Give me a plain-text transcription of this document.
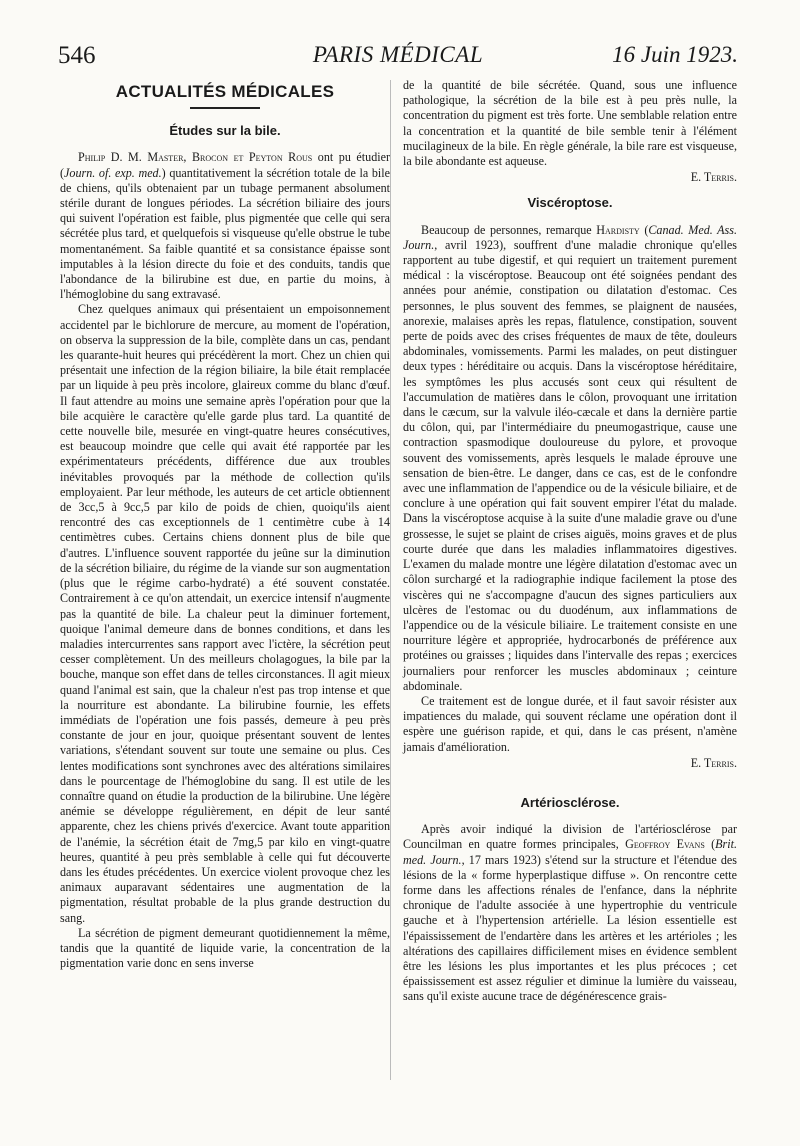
546	PARIS MÉDICAL	16 Juin 1923.
ACTUALITÉS MÉDICALES
Études sur la bile.

Philip D. M. Master, Brocon et Peyton Rous ont pu étudier (Journ. of. exp. med.) quantitativement la sécrétion totale de la bile de chiens, qu'ils obtenaient par un tubage permanent absolument stérile durant de longues périodes. La sécrétion biliaire des jours qui suivent l'opération est faible, plus pigmentée que celle qui sera sécrétée plus tard, et quelquefois si visqueuse qu'elle obstrue le tube momentanément. Sa faible quantité et sa consistance épaisse sont imputables à la lésion directe du foie et des conduits, tandis que l'abondance de la bilirubine est due, en partie du moins, à l'hémoglobine du sang extravasé.

Chez quelques animaux qui présentaient un empoisonnement accidentel par le bichlorure de mercure, au moment de l'opération, on observa la suppression de la bile, complète dans un cas, pendant les quarante-huit heures qui précédèrent la mort. Chez un chien qui présentait une infection de la région biliaire, la bile était remplacée par un liquide à peu près incolore, glaireux comme du blanc d'œuf. Il faut attendre au moins une semaine après l'opération pour que la bile acquière le caractère qu'elle garde plus tard. La quantité de cette nouvelle bile, mesurée en vingt-quatre heures consécutives, est beaucoup moindre que celle qui avait été rapportée par les expérimentateurs précédents, différence due aux troubles inévitables provoqués par la méthode de collection qu'ils employaient. Par leur méthode, les auteurs de cet article obtiennent de 3cc,5 à 9cc,5 par kilo de poids de chien, quoiqu'ils aient rencontré des cas exceptionnels de 1 centimètre cube à 14 centimètres cubes. Certains chiens donnent plus de bile que d'autres. L'influence souvent rapportée du jeûne sur la diminution de la sécrétion biliaire, du régime de la viande sur son augmentation (plus que le régime carbo-hydraté) a été souvent constatée. Contrairement à ce qu'on attendait, un exercice intensif n'augmente pas la quantité de bile. La chaleur peut la diminuer fortement, quoique l'animal demeure dans de bonnes conditions, et dans les maladies intercurrentes sans rapport avec l'ictère, la sécrétion peut cesser complètement. Un des meilleurs cholagogues, la bile par la bouche, manque son effet dans de telles circonstances. Il agit mieux quand l'animal est sain, que la chaleur n'est pas trop intense et que la nourriture est abondante. La bilirubine fournie, les effets immédiats de l'opération une fois passés, demeure à peu près constante de jour en jour, quoique présentant souvent de lentes variations, s'étendant souvent sur toute une semaine ou plus. Ces lentes modifications sont synchrones avec des altérations similaires dans le pourcentage de l'hémoglobine du sang. Il est utile de les connaître quand on étudie la production de la bilirubine. Une légère anémie se développe régulièrement, en dépit de leur santé apparente, chez les chiens privés d'exercice. Avant toute apparition de l'anémie, la sécrétion était de 7mg,5 par kilo en vingt-quatre heures, quantité à peu près semblable à celle qui fut découverte dans les études précédentes. Un exercice violent provoque chez les animaux auparavant sédentaires une augmentation de la pigmentation, résultat probable de la plus grande destruction du sang.

La sécrétion de pigment demeurant quotidiennement la même, tandis que la quantité de liquide varie, la concentration de la pigmentation varie donc en sens inverse

de la quantité de bile sécrétée. Quand, sous une influence pathologique, la sécrétion de la bile est à peu près nulle, la concentration du pigment est très forte. Une semblable relation entre la concentration et la quantité de bile semble tenir à l'élément mucilagineux de la bile. En règle générale, la bile rare est visqueuse, la bile abondante est aqueuse.

E. Terris.
Viscéroptose.

Beaucoup de personnes, remarque Hardisty (Canad. Med. Ass. Journ., avril 1923), souffrent d'une maladie chronique qu'elles rapportent au tube digestif, et qui requiert un traitement purement médical : la viscéroptose. Beaucoup ont été soignées pendant des années pour anémie, constipation ou dilatation d'estomac. Ces personnes, le plus souvent des femmes, se plaignent de nausées, anorexie, malaises après les repas, flatulence, constipation, souvent perte de poids avec des crises fréquentes de maux de tête, douleurs abdominales, vomissements. Parmi les malades, on peut distinguer deux types : héréditaire ou acquis. Dans la viscéroptose héréditaire, les symptômes les plus accusés sont ceux qui résultent de l'accumulation de matières dans le côlon, provoquant une irritation dans le cæcum, sur la valvule iléo-cæcale et dans la dernière partie du côlon, qui, par l'intermédiaire du pneumogastrique, cause une contraction spasmodique douloureuse du pylore, et provoque souvent des vomissements, après lesquels le malade éprouve une sensation de bien-être. Le danger, dans ce cas, est de le confondre avec une inflammation de l'appendice ou de la vésicule biliaire, et de conclure à une opération qui fait souvent empirer l'état du malade. Dans la viscéroptose acquise à la suite d'une maladie grave ou d'une grossesse, le sujet se plaint de crises aiguës, moins graves et de plus courte durée que dans les maladies inflammatoires digestives. L'examen du malade montre une légère dilatation d'estomac avec un côlon surchargé et la radiographie indique facilement la ptose des viscères qui ne s'accompagne d'aucun des signes particuliers aux ulcères de l'estomac ou du duodénum, aux inflammations de l'appendice ou de la vésicule biliaire. Le traitement consiste en une nourriture légère et appropriée, hydrocarbonés de préférence aux protéines ou graisses ; liquides dans l'intervalle des repas ; exercices journaliers pour renforcer les muscles abdominaux ; ceinture abdominale.

Ce traitement est de longue durée, et il faut savoir résister aux impatiences du malade, qui souvent réclame une opération dont il espère une guérison rapide, et qui, dans le cas présent, n'amène jamais d'amélioration.

E. Terris.
Artériosclérose.

Après avoir indiqué la division de l'artériosclérose par Councilman en quatre formes principales, Geoffroy Evans (Brit. med. Journ., 17 mars 1923) s'étend sur la structure et l'étendue des lésions de la « forme hyperplastique diffuse ». On rencontre cette forme dans les affections rénales de l'enfance, dans la néphrite chronique de l'adulte associée à une hypertrophie du ventricule gauche et à l'hypertension artérielle. La lésion essentielle est l'épaississement de l'endartère dans les artères et les artérioles ; les altérations des capillaires difficilement mises en évidence semblent être les lésions les plus importantes et les plus précoces ; cet épaississement est assez régulier et diminue la lumière du vaisseau, sans qu'il existe aucune trace de dégénérescence grais-
